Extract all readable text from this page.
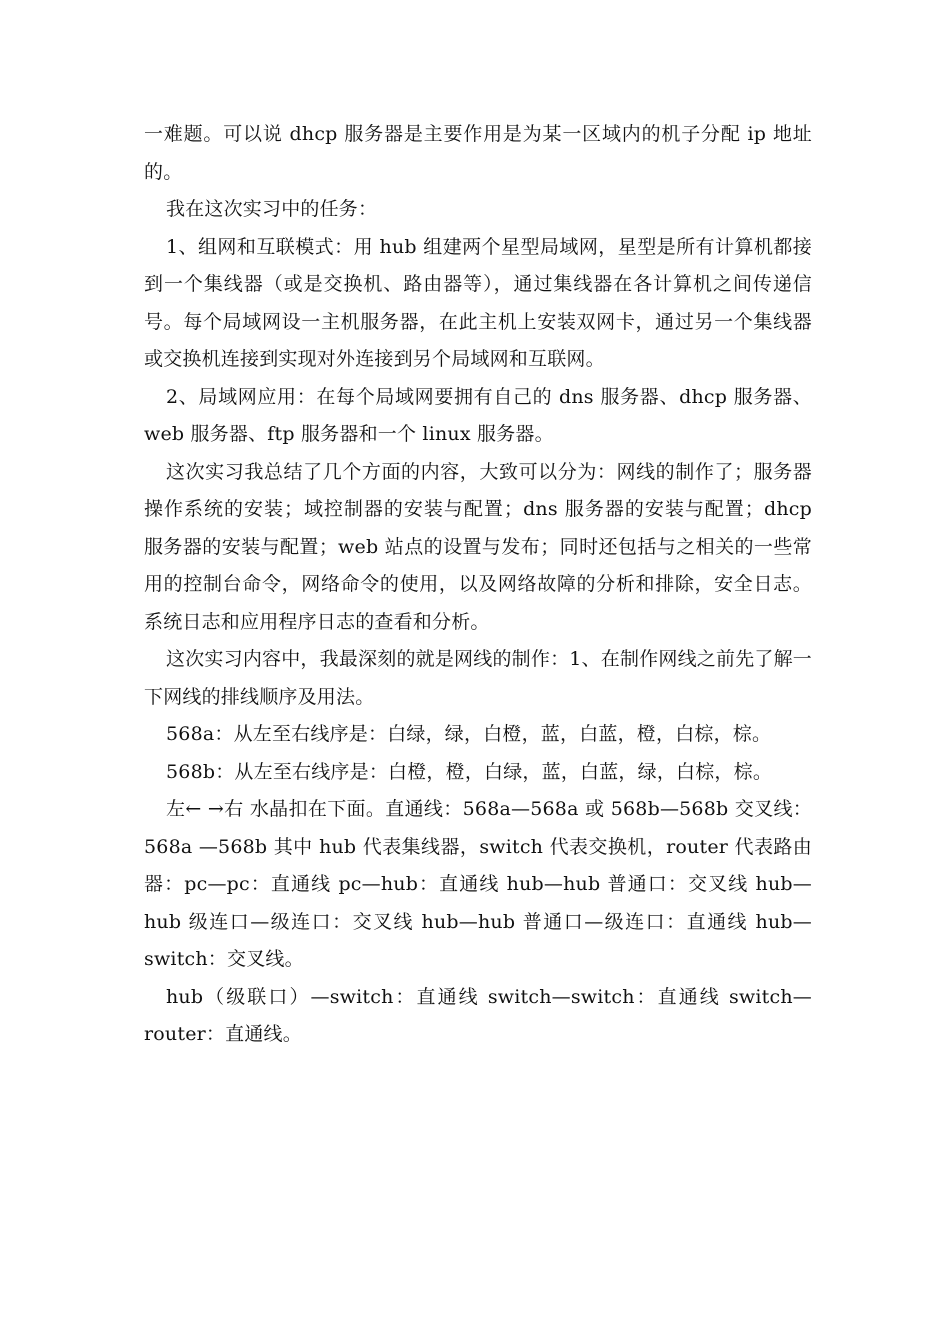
一难题。可以说 dhcp 服务器是主要作用是为某一区域内的机子分配 ip 地址的。

我在这次实习中的任务：

1、组网和互联模式：用 hub 组建两个星型局域网，星型是所有计算机都接到一个集线器（或是交换机、路由器等），通过集线器在各计算机之间传递信号。每个局域网设一主机服务器，在此主机上安装双网卡，通过另一个集线器或交换机连接到实现对外连接到另个局域网和互联网。

2、局域网应用：在每个局域网要拥有自己的 dns 服务器、dhcp 服务器、web 服务器、ftp 服务器和一个 linux 服务器。

这次实习我总结了几个方面的内容，大致可以分为：网线的制作了；服务器操作系统的安装；域控制器的安装与配置；dns 服务器的安装与配置；dhcp 服务器的安装与配置；web 站点的设置与发布；同时还包括与之相关的一些常用的控制台命令，网络命令的使用，以及网络故障的分析和排除，安全日志。系统日志和应用程序日志的查看和分析。

这次实习内容中，我最深刻的就是网线的制作：1、在制作网线之前先了解一下网线的排线顺序及用法。

568a：从左至右线序是：白绿，绿，白橙，蓝，白蓝，橙，白棕，棕。

568b：从左至右线序是：白橙，橙，白绿，蓝，白蓝，绿，白棕，棕。

左← →右 水晶扣在下面。直通线：568a—568a 或 568b—568b 交叉线：568a —568b 其中 hub 代表集线器，switch 代表交换机，router 代表路由器：pc—pc：直通线 pc—hub：直通线 hub—hub 普通口：交叉线 hub—hub 级连口—级连口：交叉线 hub—hub 普通口—级连口：直通线 hub—switch：交叉线。

hub（级联口）—switch：直通线 switch—switch：直通线 switch—router：直通线。
